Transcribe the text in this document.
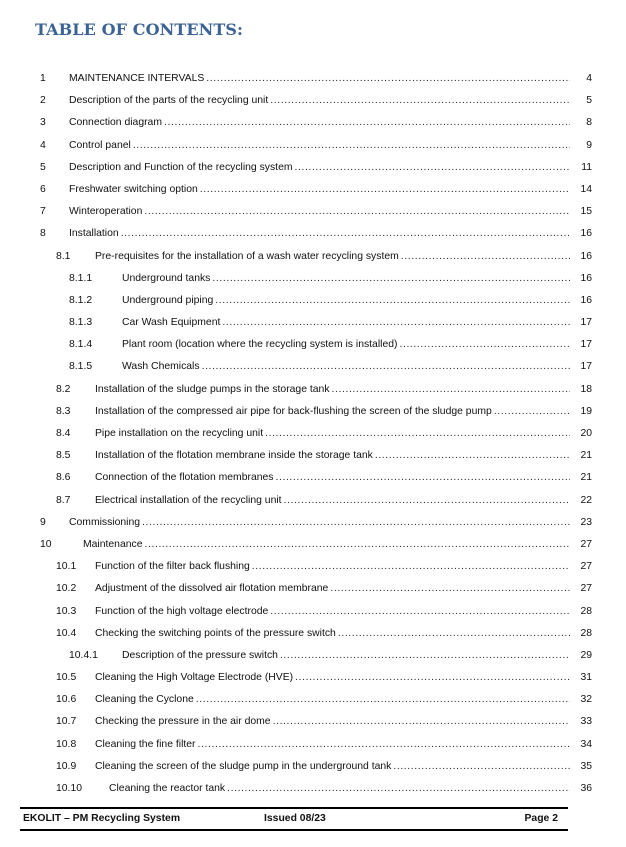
TABLE OF CONTENTS:
1 MAINTENANCE INTERVALS .....	4
2 Description of the parts of the recycling unit .....	5
3 Connection diagram .....	8
4 Control panel .....	9
5 Description and Function of the recycling system .....	11
6 Freshwater switching option .....	14
7 Winteroperation .....	15
8 Installation .....	16
8.1 Pre-requisites for the installation of a wash water recycling system .....	16
8.1.1	Underground tanks .....	16
8.1.2	Underground piping .....	16
8.1.3	Car Wash Equipment .....	17
8.1.4	Plant room (location where the recycling system is installed) .....	17
8.1.5	Wash Chemicals .....	17
8.2 Installation of the sludge pumps in the storage tank .....	18
8.3 Installation of the compressed air pipe for back-flushing the screen of the sludge pump .....	19
8.4 Pipe installation on the recycling unit .....	20
8.5 Installation of the flotation membrane inside the storage tank .....	21
8.6 Connection of the flotation membranes .....	21
8.7 Electrical installation of the recycling unit .....	22
9 Commissioning .....	23
10	Maintenance .....	27
10.1 Function of the filter back flushing .....	27
10.2 Adjustment of the dissolved air flotation membrane .....	27
10.3 Function of the high voltage electrode .....	28
10.4 Checking the switching points of the pressure switch .....	28
10.4.1 Description of the pressure switch .....	29
10.5 Cleaning the High Voltage Electrode (HVE) .....	31
10.6 Cleaning the Cyclone .....	32
10.7 Checking the pressure in the air dome .....	33
10.8 Cleaning the fine filter .....	34
10.9 Cleaning the screen of the sludge pump in the underground tank .....	35
10.10	Cleaning the reactor tank .....	36
EKOLIT – PM Recycling System	Issued 08/23	Page 2
